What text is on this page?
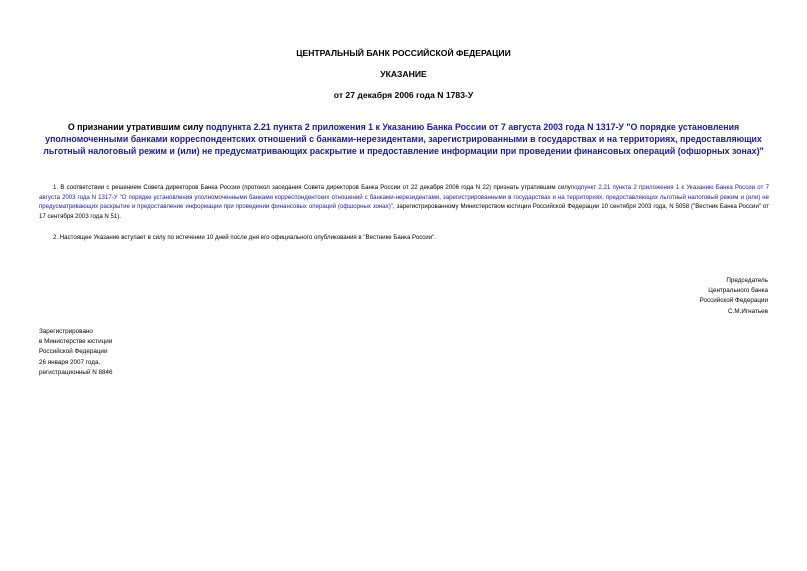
ЦЕНТРАЛЬНЫЙ БАНК РОССИЙСКОЙ ФЕДЕРАЦИИ
УКАЗАНИЕ
от 27 декабря 2006 года N 1783-У
О признании утратившим силу подпункта 2.21 пункта 2 приложения 1 к Указанию Банка России от 7 августа 2003 года N 1317-У "О порядке установления уполномоченными банками корреспондентских отношений с банками-нерезидентами, зарегистрированными в государствах и на территориях, предоставляющих льготный налоговый режим и (или) не предусматривающих раскрытие и предоставление информации при проведении финансовых операций (офшорных зонах)"
1. В соответствии с решением Совета директоров Банка России (протокол заседания Совета директоров Банка России от 22 декабря 2006 года N 22) признать утратившим силуподпункт 2.21 пункта 2 приложения 1 к Указанию Банка России от 7 августа 2003 года N 1317-У "О порядке установления уполномоченными банками корреспондентских отношений с банками-нерезидентами, зарегистрированными в государствах и на территориях, предоставляющих льготный налоговый режим и (или) не предусматривающих раскрытие и предоставление информации при проведении финансовых операций (офшорных зонах)", зарегистрированному Министерством юстиции Российской Федерации 10 сентября 2003 года, N 5058 ("Вестник Банка России" от 17 сентября 2003 года N 51).
2. Настоящее Указание вступает в силу по истечении 10 дней после дня его официального опубликования в "Вестнике Банка России".
Председатель
Центрального банка
Российской Федерации
С.М.Игнатьев
Зарегистрировано
в Министерстве юстиции
Российской Федерации
26 января 2007 года,
регистрационный N 8846
